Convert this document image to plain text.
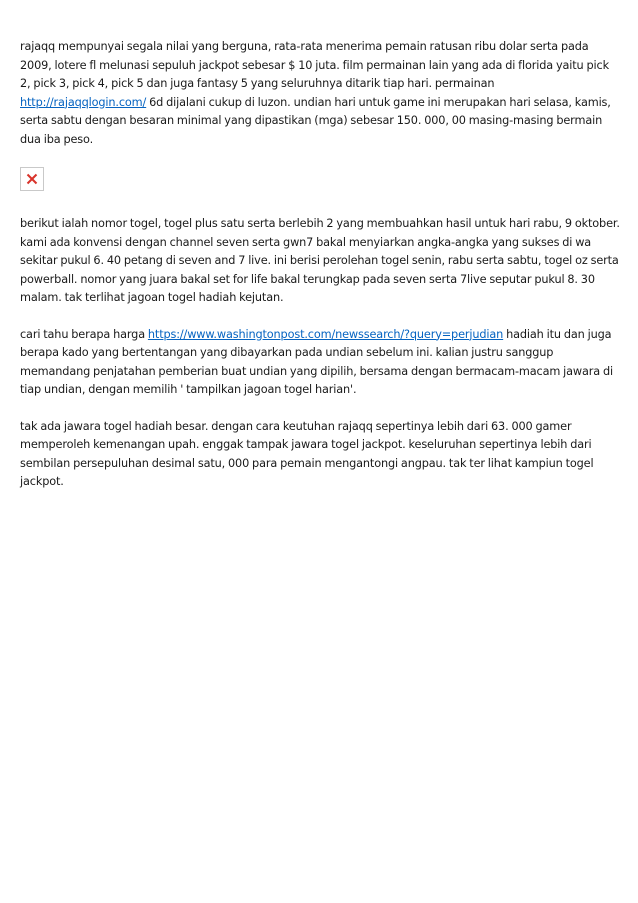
rajaqq mempunyai segala nilai yang berguna, rata-rata menerima pemain ratusan ribu dolar serta pada 2009, lotere fl melunasi sepuluh jackpot sebesar $ 10 juta. film permainan lain yang ada di florida yaitu pick 2, pick 3, pick 4, pick 5 dan juga fantasy 5 yang seluruhnya ditarik tiap hari. permainan http://rajaqqlogin.com/ 6d dijalani cukup di luzon. undian hari untuk game ini merupakan hari selasa, kamis, serta sabtu dengan besaran minimal yang dipastikan (mga) sebesar 150. 000, 00 masing-masing bermain dua iba peso.

berikut ialah nomor togel, togel plus satu serta berlebih 2 yang membuahkan hasil untuk hari rabu, 9 oktober. kami ada konvensi dengan channel seven serta gwn7 bakal menyiarkan angka-angka yang sukses di wa sekitar pukul 6. 40 petang di seven and 7 live. ini berisi perolehan togel senin, rabu serta sabtu, togel oz serta powerball. nomor yang juara bakal set for life bakal terungkap pada seven serta 7live seputar pukul 8. 30 malam. tak terlihat jagoan togel hadiah kejutan.

cari tahu berapa harga https://www.washingtonpost.com/newssearch/?query=perjudian hadiah itu dan juga berapa kado yang bertentangan yang dibayarkan pada undian sebelum ini. kalian justru sanggup memandang penjatahan pemberian buat undian yang dipilih, bersama dengan bermacam-macam jawara di tiap undian, dengan memilih ' tampilkan jagoan togel harian'.

tak ada jawara togel hadiah besar. dengan cara keutuhan rajaqq sepertinya lebih dari 63. 000 gamer memperoleh kemenangan upah. enggak tampak jawara togel jackpot. keseluruhan sepertinya lebih dari sembilan persepuluhan desimal satu, 000 para pemain mengantongi angpau. tak ter lihat kampiun togel jackpot.
